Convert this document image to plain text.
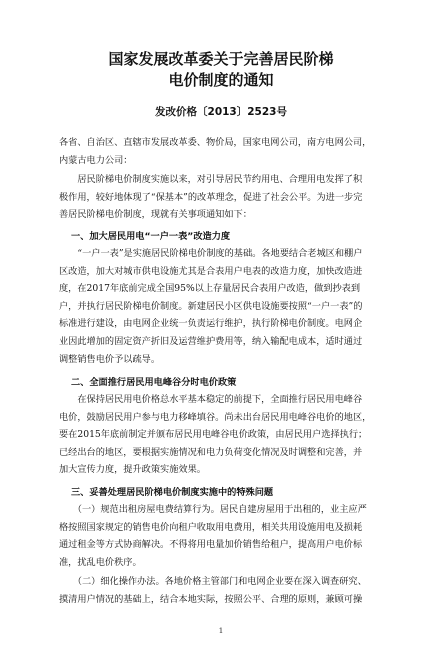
国家发展改革委关于完善居民阶梯
电价制度的通知
发改价格〔2013〕2523号
各省、自治区、直辖市发展改革委、物价局，国家电网公司，南方电网公司，
内蒙古电力公司：
　　居民阶梯电价制度实施以来，对引导居民节约用电、合理用电发挥了积
极作用，较好地体现了“保基本”的改革理念，促进了社会公平。为进一步完
善居民阶梯电价制度，现就有关事项通知如下：
一、加大居民用电“一户一表”改造力度
　　“一户一表”是实施居民阶梯电价制度的基础。各地要结合老城区和棚户
区改造，加大对城市供电设施尤其是合表用户电表的改造力度，加快改造进
度，在2017年底前完成全国95%以上存量居民合表用户改造，做到抄表到
户，并执行居民阶梯电价制度。新建居民小区供电设施要按照“一户一表”的
标准进行建设，由电网企业统一负责运行维护，执行阶梯电价制度。电网企
业因此增加的固定资产折旧及运营维护费用等，纳入输配电成本，适时通过
调整销售电价予以疏导。
二、全面推行居民用电峰谷分时电价政策
　　在保持居民用电价格总水平基本稳定的前提下，全面推行居民用电峰谷
电价，鼓励居民用户参与电力移峰填谷。尚未出台居民用电峰谷电价的地区，
要在2015年底前制定并颁布居民用电峰谷电价政策，由居民用户选择执行；
已经出台的地区，要根据实施情况和电力负荷变化情况及时调整和完善，并
加大宣传力度，提升政策实施效果。
三、妥善处理居民阶梯电价制度实施中的特殊问题
　　（一）规范出租房屋电费结算行为。居民自建房屋用于出租的，业主应严
格按照国家规定的销售电价向租户收取用电费用，相关共用设施用电及损耗
通过租金等方式协商解决。不得将用电量加价销售给租户，提高用户电价标
准，扰乱电价秩序。
　　（二）细化操作办法。各地价格主管部门和电网企业要在深入调查研究、
摸清用户情况的基础上，结合本地实际，按照公平、合理的原则，兼顾可操
1
